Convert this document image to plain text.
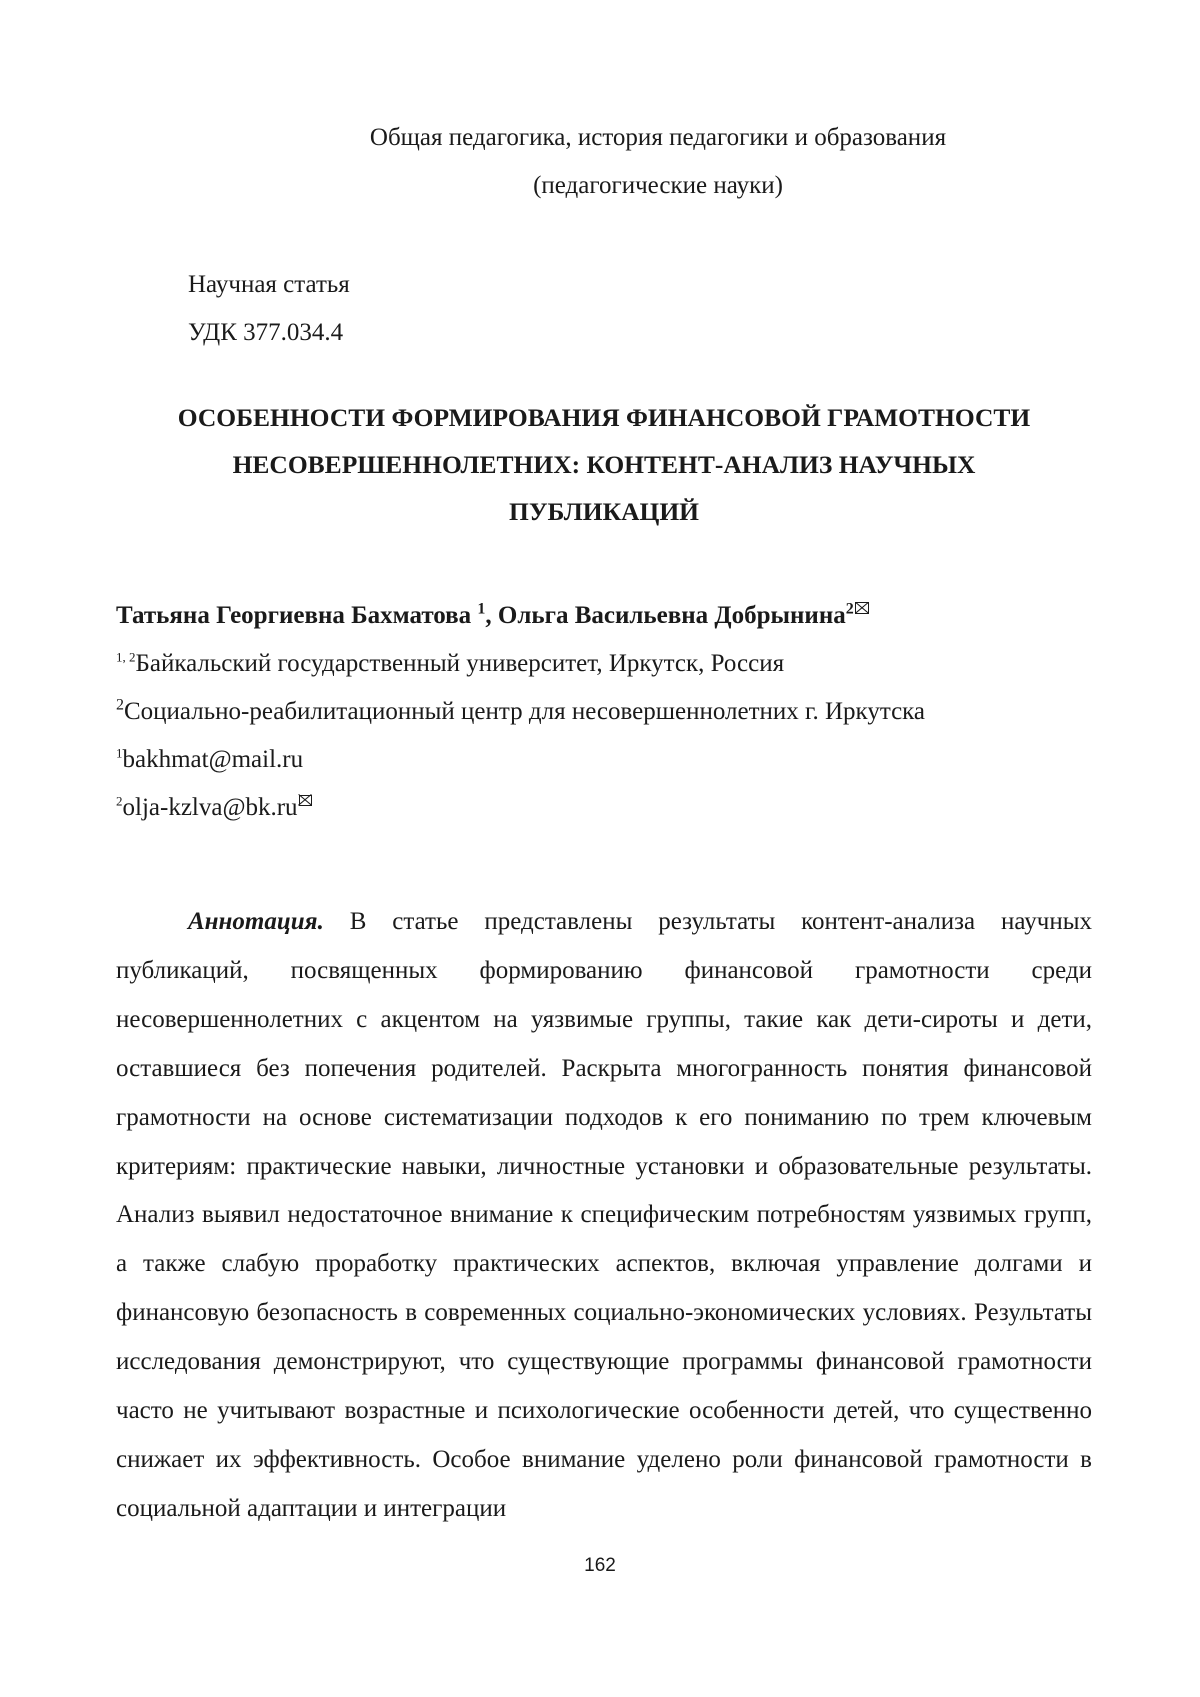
Общая педагогика, история педагогики и образования
(педагогические науки)
Научная статья
УДК 377.034.4
ОСОБЕННОСТИ ФОРМИРОВАНИЯ ФИНАНСОВОЙ ГРАМОТНОСТИ
НЕСОВЕРШЕННОЛЕТНИХ: КОНТЕНТ-АНАЛИЗ НАУЧНЫХ
ПУБЛИКАЦИЙ
Татьяна Георгиевна Бахматова $^1$, Ольга Васильевна Добрынина$^2$
$^{1, 2}$Байкальский государственный университет, Иркутск, Россия
$^2$Социально-реабилитационный центр для несовершеннолетних г. Иркутска
$^1$bakhmat@mail.ru
$^2$olja-kzlva@bk.ru
Аннотация. В статье представлены результаты контент-анализа научных публикаций, посвященных формированию финансовой грамотности среди несовершеннолетних с акцентом на уязвимые группы, такие как дети-сироты и дети, оставшиеся без попечения родителей. Раскрыта многогранность понятия финансовой грамотности на основе систематизации подходов к его пониманию по трем ключевым критериям: практические навыки, личностные установки и образовательные результаты. Анализ выявил недостаточное внимание к специфическим потребностям уязвимых групп, а также слабую проработку практических аспектов, включая управление долгами и финансовую безопасность в современных социально-экономических условиях. Результаты исследования демонстрируют, что существующие программы финансовой грамотности часто не учитывают возрастные и психологические особенности детей, что существенно снижает их эффективность. Особое внимание уделено роли финансовой грамотности в социальной адаптации и интеграции
162
